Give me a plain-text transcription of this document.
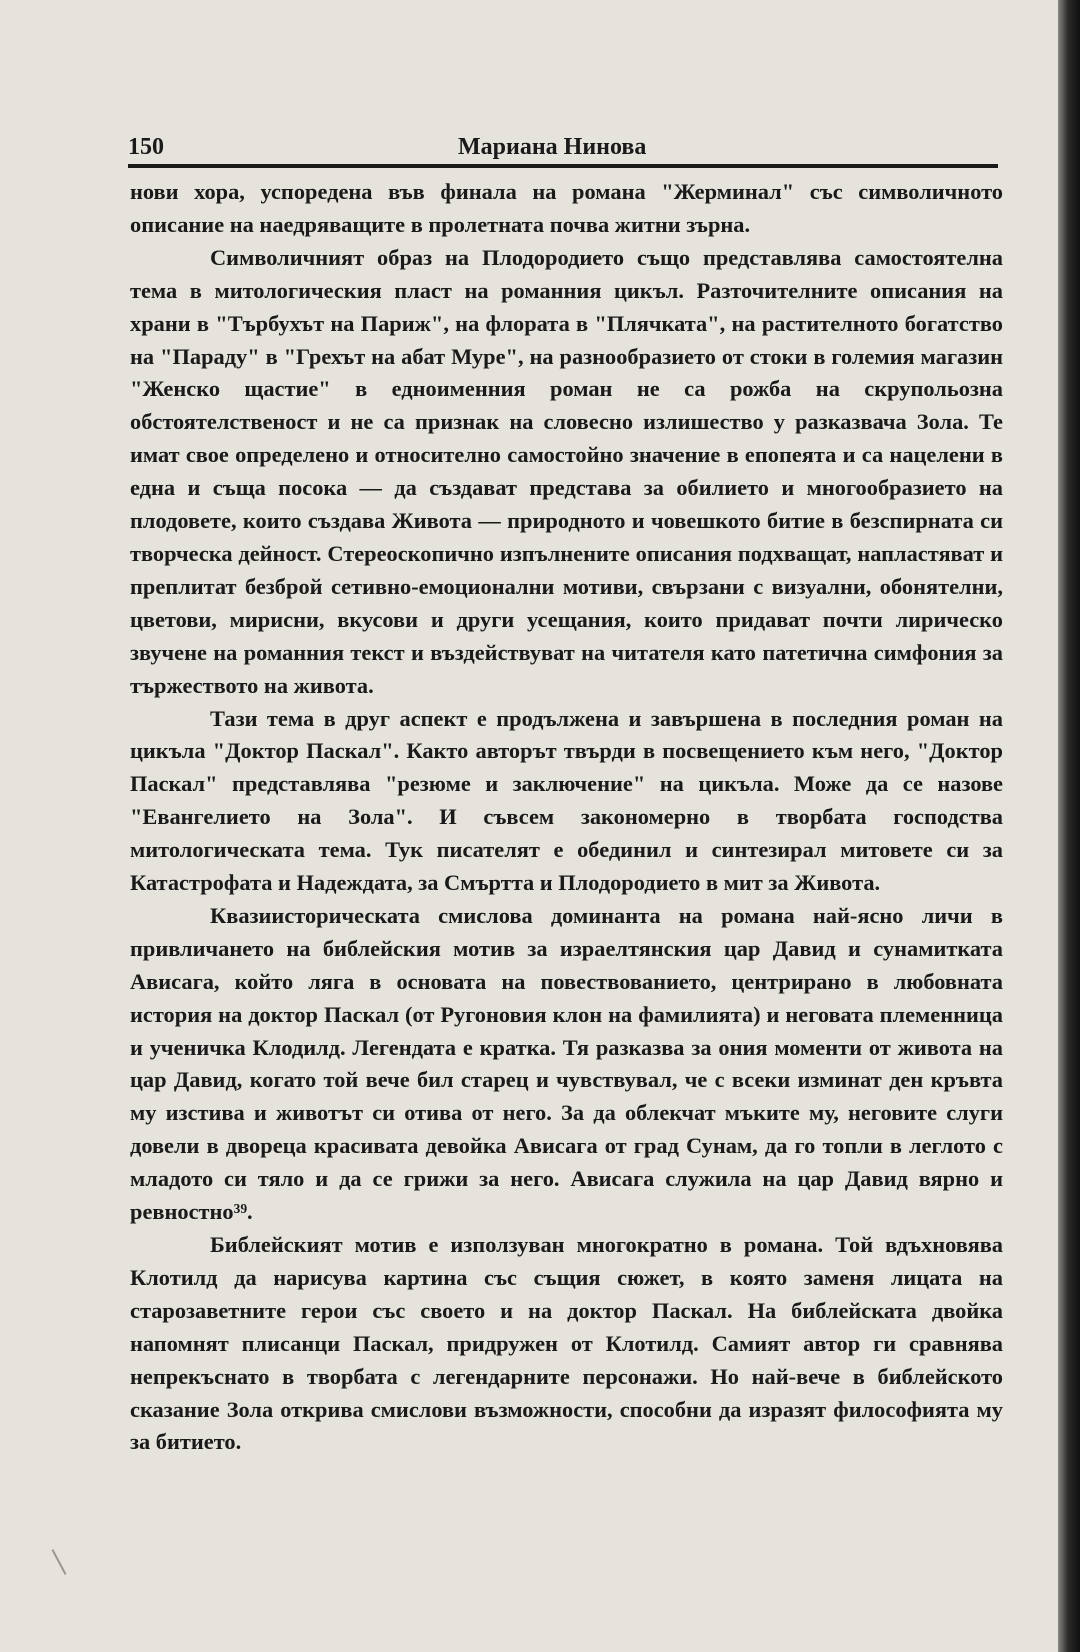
150	Мариана Нинова

нови хора, успоредена във финала на романа "Жерминал" със символичното описание на наедряващите в пролетната почва житни зърна.

Символичният образ на Плодородието също представлява самостоятелна тема в митологическия пласт на романния цикъл. Разточителните описания на храни в "Търбухът на Париж", на флората в "Плячката", на растителното богатство на "Параду" в "Грехът на абат Муре", на разнообразието от стоки в големия магазин "Женско щастие" в едноименния роман не са рожба на скрупольозна обстоятелственост и не са признак на словесно излишество у разказвача Зола. Те имат свое определено и относително самостойно значение в епопеята и са нацелени в една и съща посока — да създават представа за обилието и многообразието на плодовете, които създава Живота — природното и човешкото битие в безспирната си творческа дейност. Стереоскопично изпълнените описания подхващат, напластяват и преплитат безброй сетивно-емоционални мотиви, свързани с визуални, обонятелни, цветови, мирисни, вкусови и други усещания, които придават почти лирическо звучене на романния текст и въздействуват на читателя като патетична симфония за тържеството на живота.

Тази тема в друг аспект е продължена и завършена в последния роман на цикъла "Доктор Паскал". Както авторът твърди в посвещението към него, "Доктор Паскал" представлява "резюме и заключение" на цикъла. Може да се назове "Евангелието на Зола". И съвсем закономерно в творбата господства митологическата тема. Тук писателят е обединил и синтезирал митовете си за Катастрофата и Надеждата, за Смъртта и Плодородието в мит за Живота.

Квазиисторическата смислова доминанта на романа най-ясно личи в привличането на библейския мотив за израелтянския цар Давид и сунамитката Ависага, който ляга в основата на повествованието, центрирано в любовната история на доктор Паскал (от Ругоновия клон на фамилията) и неговата племенница и ученичка Клодилд. Легендата е кратка. Тя разказва за ония моменти от живота на цар Давид, когато той вече бил старец и чувствувал, че с всеки изминат ден кръвта му изстива и животът си отива от него. За да облекчат мъките му, неговите слуги довели в двореца красивата девойка Ависага от град Сунам, да го топли в леглото с младото си тяло и да се грижи за него. Ависага служила на цар Давид вярно и ревностно³⁹.

Библейският мотив е използуван многократно в романа. Той вдъхновява Клотилд да нарисува картина със същия сюжет, в която заменя лицата на старозаветните герои със своето и на доктор Паскал. На библейската двойка напомнят плисанци Паскал, придружен от Клотилд. Самият автор ги сравнява непрекъснато в творбата с легендарните персонажи. Но най-вече в библейското сказание Зола открива смислови възможности, способни да изразят философията му за битието.
